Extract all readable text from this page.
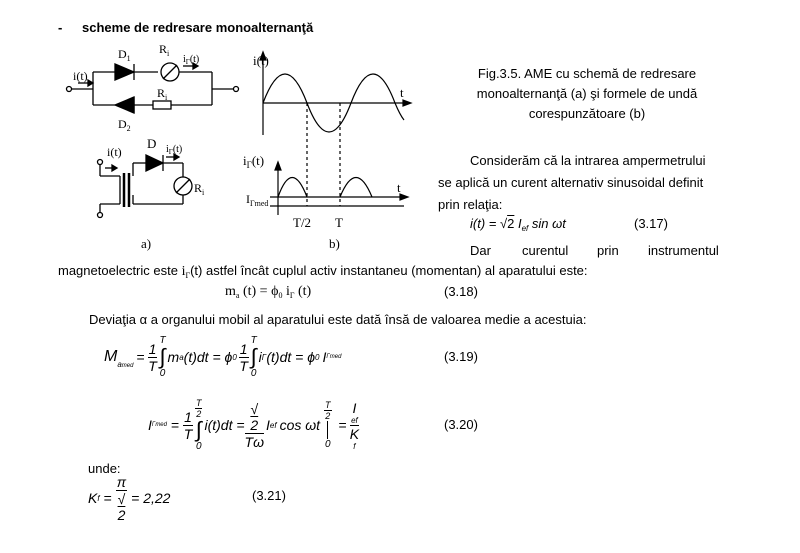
- scheme de redresare monoalternanţă
i(t)
$D_1$
$R_i$
$i_\Gamma(t)$
$R_i$
$D_2$
i(t)
D $i_\Gamma(t)$
$R_i$
a)
i(t)
t
$i_\Gamma(t)$
$I_{\Gamma med}$
t
T/2 T
b)
Fig.3.5. AME cu schemă de redresare
monoalternanţă (a) şi formele de undă
corespunzătoare (b)
Considerăm că la intrarea ampermetrului
se aplică un curent alternativ sinusoidal definit
prin relaţia:
i(t) = √2 $I_{ef}$ sin ωt	(3.17)
Dar curentul prin instrumentul
magnetoelectric este $i_\Gamma(t)$ astfel încât cuplul activ instantaneu (momentan) al aparatului este:
$m_a$ $(t) = \phi_0$ $i_\Gamma$ (t)	(3.18)
Deviaţia α a organului mobil al aparatului este dată însă de valoarea medie a acestuia:
M amed
= $\frac{1}{T}$ T
∫
0
m a (t)dt = ϕ $0 \frac{1}{T}$ T
∫
0
i Γ (t)dt = ϕ 0 I Γmed	(3.19)
I $\Gamma med = \frac{1}{T} \frac{T}{2}$
∫
0
i(t)dt = √
2
Tω I ef cos ωt
$\frac{T}{2}$
0
= I
ef
K
f	(3.20)
unde:
K f = π
√
2 = 2,22	(3.21)
